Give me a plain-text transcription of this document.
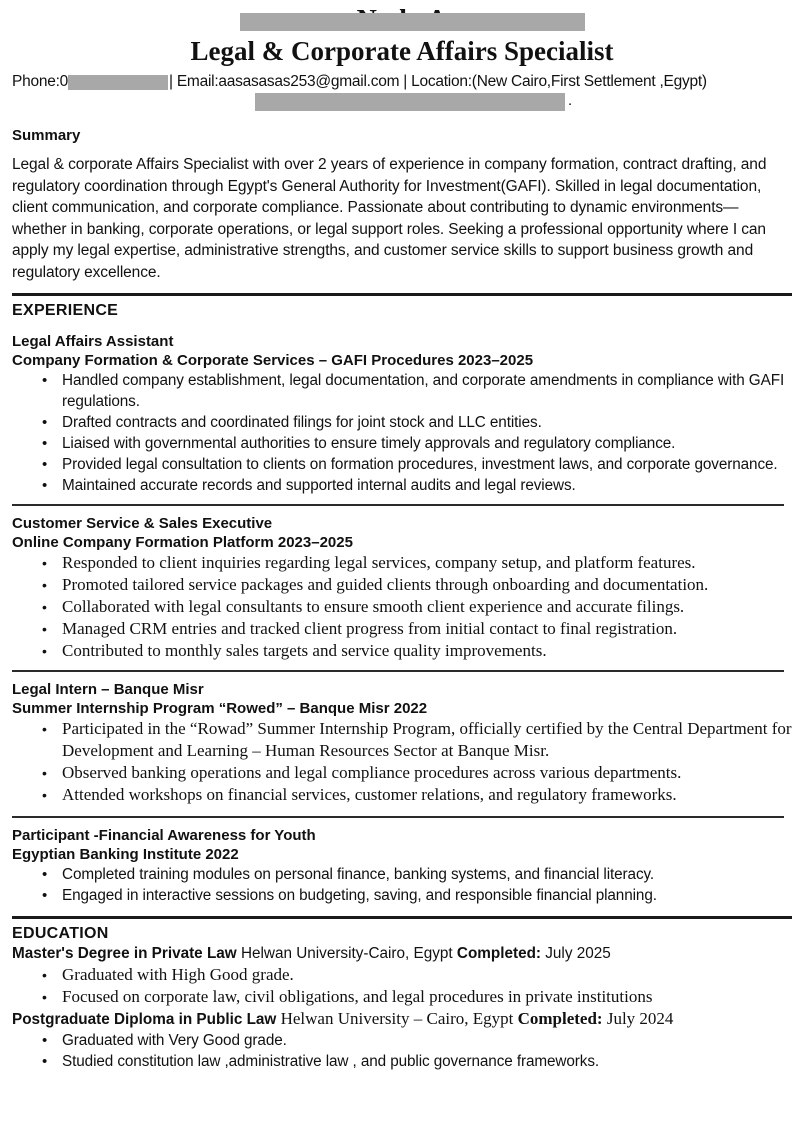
Legal & Corporate Affairs Specialist
Phone:0	| Email:aasasasas253@gmail.com | Location:(New Cairo,First Settlement ,Egypt)
.
Summary
Legal & corporate Affairs Specialist with over 2 years of experience in company formation, contract drafting, and regulatory coordination through Egypt's General Authority for Investment(GAFI). Skilled in legal documentation, client communication, and corporate compliance. Passionate about contributing to dynamic environments—whether in banking, corporate operations, or legal support roles. Seeking a professional opportunity where I can apply my legal expertise, administrative strengths, and customer service skills to support business growth and regulatory excellence.
EXPERIENCE
Legal Affairs Assistant
Company Formation & Corporate Services – GAFI Procedures 2023–2025
• Handled company establishment, legal documentation, and corporate amendments in compliance with GAFI regulations.
• Drafted contracts and coordinated filings for joint stock and LLC entities.
• Liaised with governmental authorities to ensure timely approvals and regulatory compliance.
• Provided legal consultation to clients on formation procedures, investment laws, and corporate governance.
• Maintained accurate records and supported internal audits and legal reviews.
Customer Service & Sales Executive
Online Company Formation Platform 2023–2025
• Responded to client inquiries regarding legal services, company setup, and platform features.
• Promoted tailored service packages and guided clients through onboarding and documentation.
• Collaborated with legal consultants to ensure smooth client experience and accurate filings.
• Managed CRM entries and tracked client progress from initial contact to final registration.
• Contributed to monthly sales targets and service quality improvements.
Legal Intern – Banque Misr
Summer Internship Program “Rowed” – Banque Misr 2022
• Participated in the “Rowad” Summer Internship Program, officially certified by the Central Department for Development and Learning – Human Resources Sector at Banque Misr.
• Observed banking operations and legal compliance procedures across various departments.
• Attended workshops on financial services, customer relations, and regulatory frameworks.
Participant -Financial Awareness for Youth
Egyptian Banking Institute 2022
• Completed training modules on personal finance, banking systems, and financial literacy.
• Engaged in interactive sessions on budgeting, saving, and responsible financial planning.
EDUCATION
Master's Degree in Private Law Helwan University-Cairo, Egypt Completed: July 2025
• Graduated with High Good grade.
• Focused on corporate law, civil obligations, and legal procedures in private institutions
Postgraduate Diploma in Public Law Helwan University – Cairo, Egypt Completed: July 2024
• Graduated with Very Good grade.
• Studied constitution law ,administrative law , and public governance frameworks.
